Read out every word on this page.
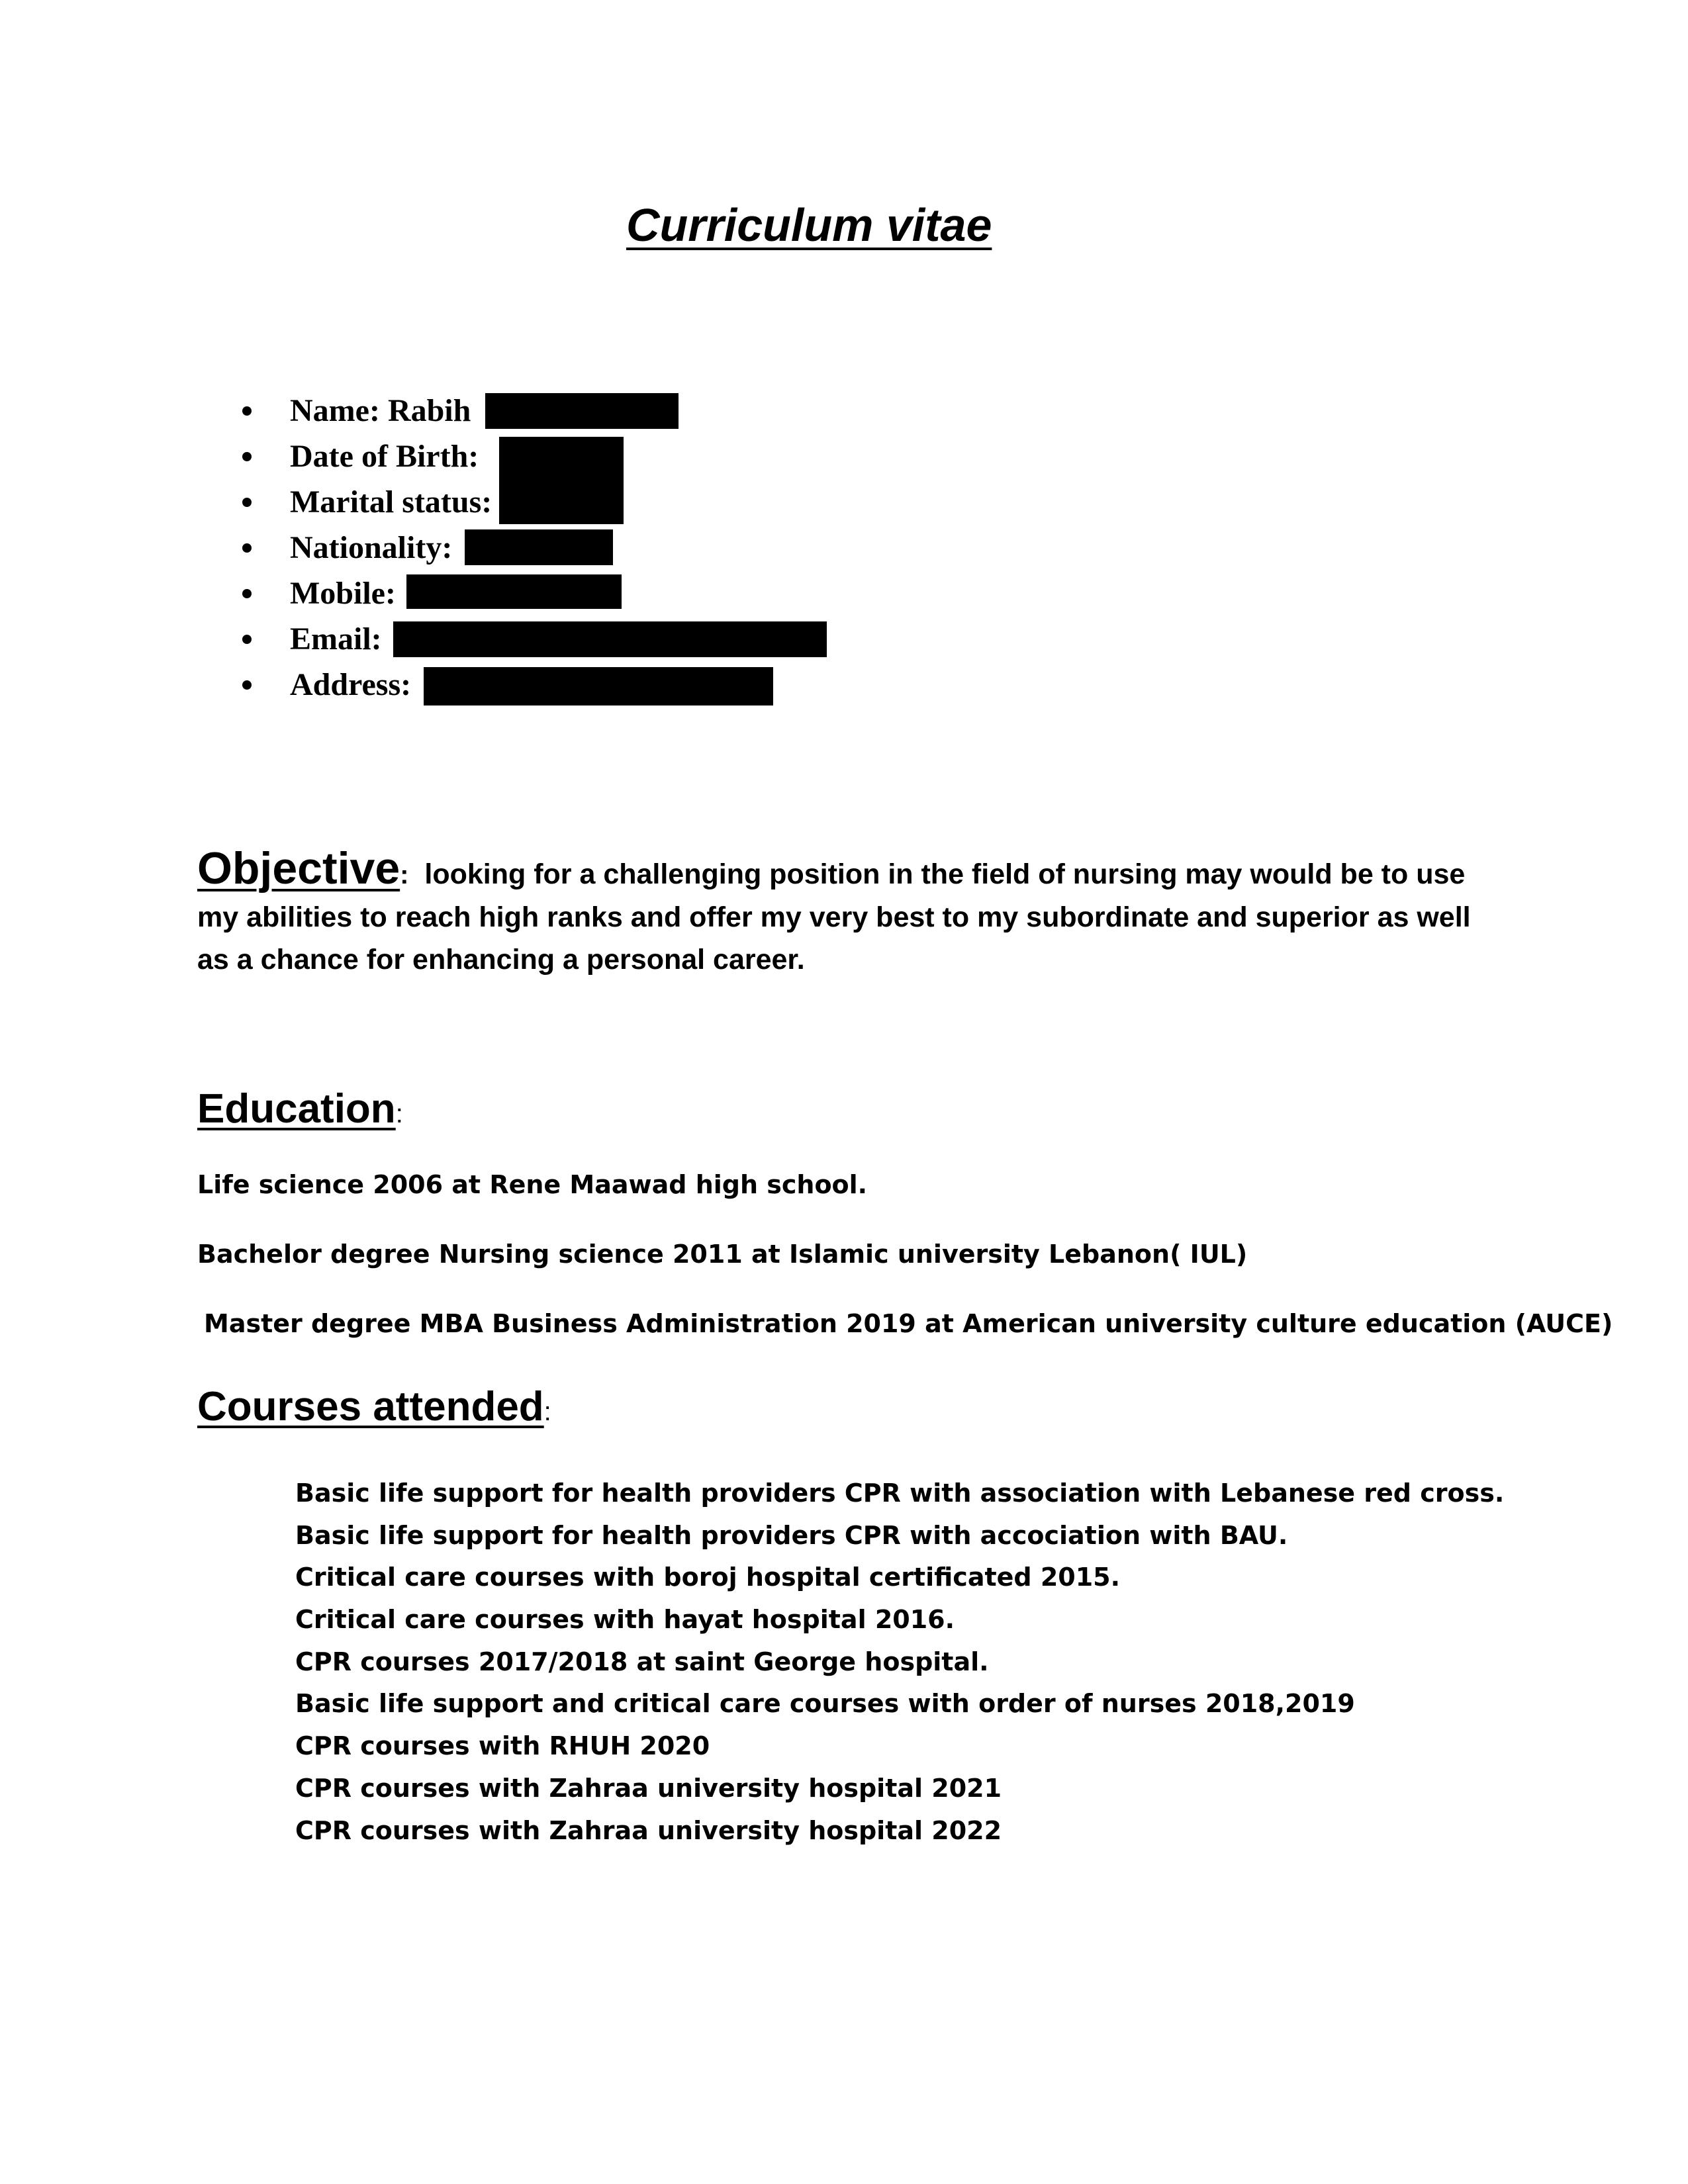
Curriculum vitae
Name: Rabih
Date of Birth:
Marital status:
Nationality:
Mobile:
Email:
Address:
Objective: looking for a challenging position in the field of nursing may would be to use my abilities to reach high ranks and offer my very best to my subordinate and superior as well as a chance for enhancing a personal career.
Education:
Life science 2006 at Rene Maawad high school.
Bachelor degree Nursing science 2011 at Islamic university Lebanon( IUL)
Master degree MBA Business Administration 2019 at American university culture education (AUCE)
Courses attended:
Basic life support for health providers CPR with association with Lebanese red cross.
Basic life support for health providers CPR with accociation with BAU.
Critical care courses with boroj hospital certificated 2015.
Critical care courses with hayat hospital 2016.
CPR courses 2017/2018 at saint George hospital.
Basic life support and critical care courses with order of nurses 2018,2019
CPR courses with RHUH 2020
CPR courses with Zahraa university hospital 2021
CPR courses with Zahraa university hospital 2022
